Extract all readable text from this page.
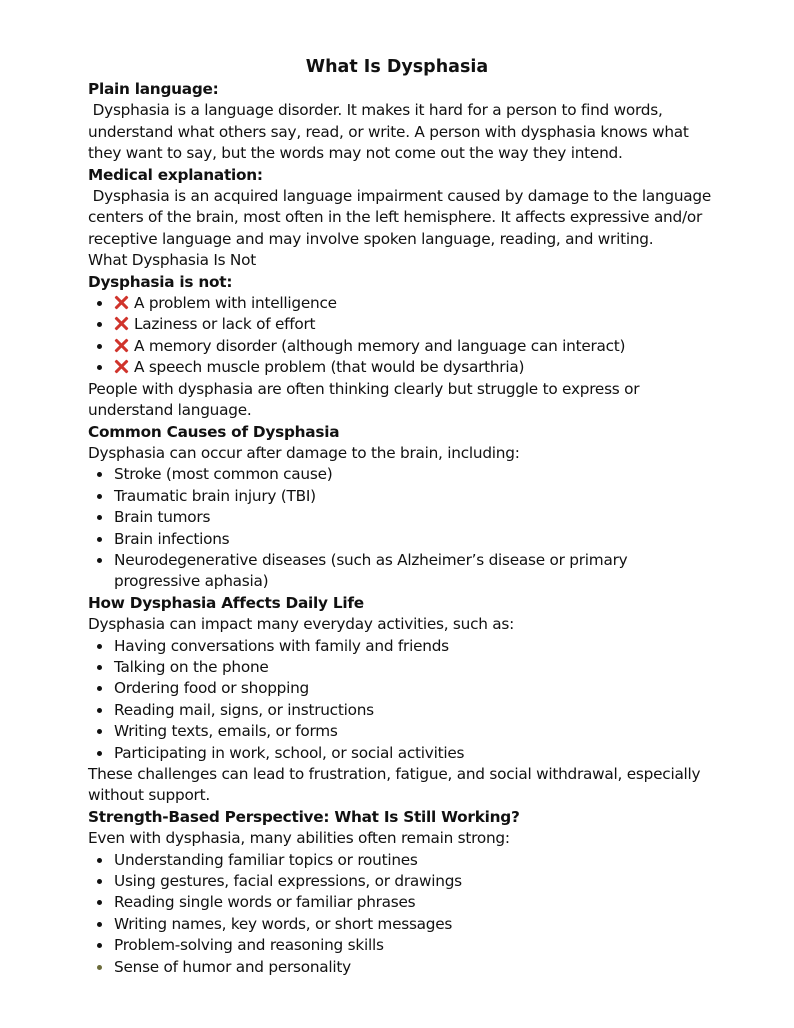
What Is Dysphasia
Plain language:
Dysphasia is a language disorder. It makes it hard for a person to find words, understand what others say, read, or write. A person with dysphasia knows what they want to say, but the words may not come out the way they intend.
Medical explanation:
Dysphasia is an acquired language impairment caused by damage to the language centers of the brain, most often in the left hemisphere. It affects expressive and/or receptive language and may involve spoken language, reading, and writing.
What Dysphasia Is Not
Dysphasia is not:
A problem with intelligence
Laziness or lack of effort
A memory disorder (although memory and language can interact)
A speech muscle problem (that would be dysarthria)
People with dysphasia are often thinking clearly but struggle to express or understand language.
Common Causes of Dysphasia
Dysphasia can occur after damage to the brain, including:
Stroke (most common cause)
Traumatic brain injury (TBI)
Brain tumors
Brain infections
Neurodegenerative diseases (such as Alzheimer’s disease or primary progressive aphasia)
How Dysphasia Affects Daily Life
Dysphasia can impact many everyday activities, such as:
Having conversations with family and friends
Talking on the phone
Ordering food or shopping
Reading mail, signs, or instructions
Writing texts, emails, or forms
Participating in work, school, or social activities
These challenges can lead to frustration, fatigue, and social withdrawal, especially without support.
Strength-Based Perspective: What Is Still Working?
Even with dysphasia, many abilities often remain strong:
Understanding familiar topics or routines
Using gestures, facial expressions, or drawings
Reading single words or familiar phrases
Writing names, key words, or short messages
Problem-solving and reasoning skills
Sense of humor and personality
